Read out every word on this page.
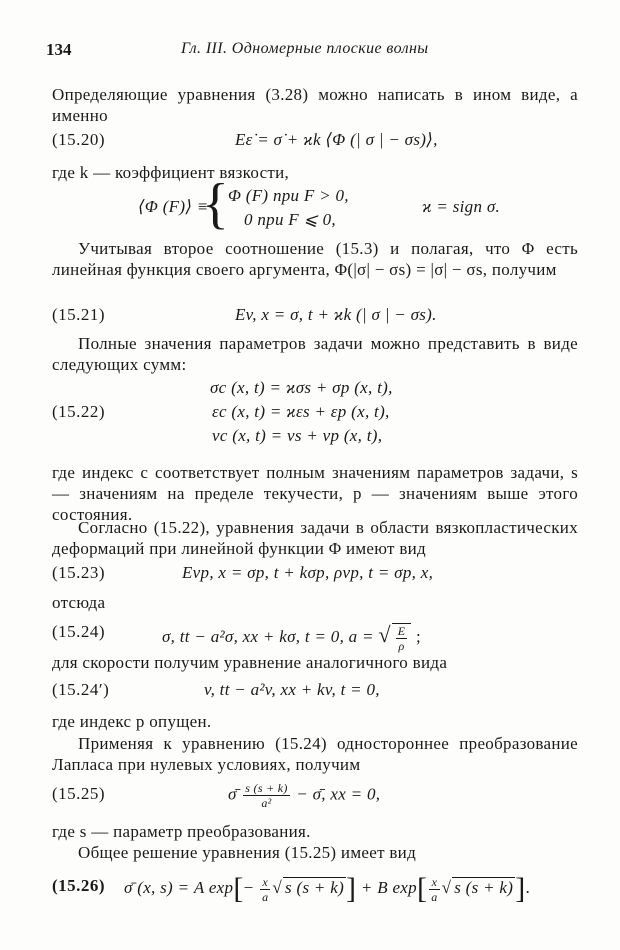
134	Гл. III. Одномерные плоские волны
Определяющие уравнения (3.28) можно написать в ином виде, а именно
(15.20)	Eε̇ = σ̇ + ϰk ⟨Φ (| σ | − σs)⟩,
где k — коэффициент вязкости,
⟨Φ (F)⟩ ≡
{ Φ (F) при F > 0,
0 при F ⩽ 0,
ϰ = sign σ.
Учитывая второе соотношение (15.3) и полагая, что Φ есть линейная функция своего аргумента, Φ(|σ| − σs) = |σ| − σs, получим
(15.21)	Ev, x = σ, t + ϰk (| σ | − σs).
Полные значения параметров задачи можно представить в виде следующих сумм:
(15.22)
σc (x, t) = ϰσs + σp (x, t),
εc (x, t) = ϰεs + εp (x, t),
vc (x, t) = vs + vp (x, t),
где индекс c соответствует полным значениям параметров задачи, s — значениям на пределе текучести, p — значениям выше этого состояния.
Согласно (15.22), уравнения задачи в области вязкопластических деформаций при линейной функции Φ имеют вид
(15.23)	Evp, x = σp, t + kσp, ρvp, t = σp, x,
отсюда
(15.24)	σ, tt − a²σ, xx + kσ, t = 0, a = √ $\frac{E}{\rho}$ ;
для скорости получим уравнение аналогичного вида
(15.24′)	v, tt − a²v, xx + kv, t = 0,
где индекс p опущен.
Применяя к уравнению (15.24) одностороннее преобразование Лапласа при нулевых условиях, получим
(15.25)	σ̄ $\frac{s (s + k)}{\text{a²}}$ − σ̄, xx = 0,
где s — параметр преобразования.
Общее решение уравнения (15.25) имеет вид
(15.26) σ̄ (x, s) = A $\exp[- \frac{x}{a}$ √ s (s + k)] + B $\exp[ \frac{x}{a}$ √ s (s + k)].
